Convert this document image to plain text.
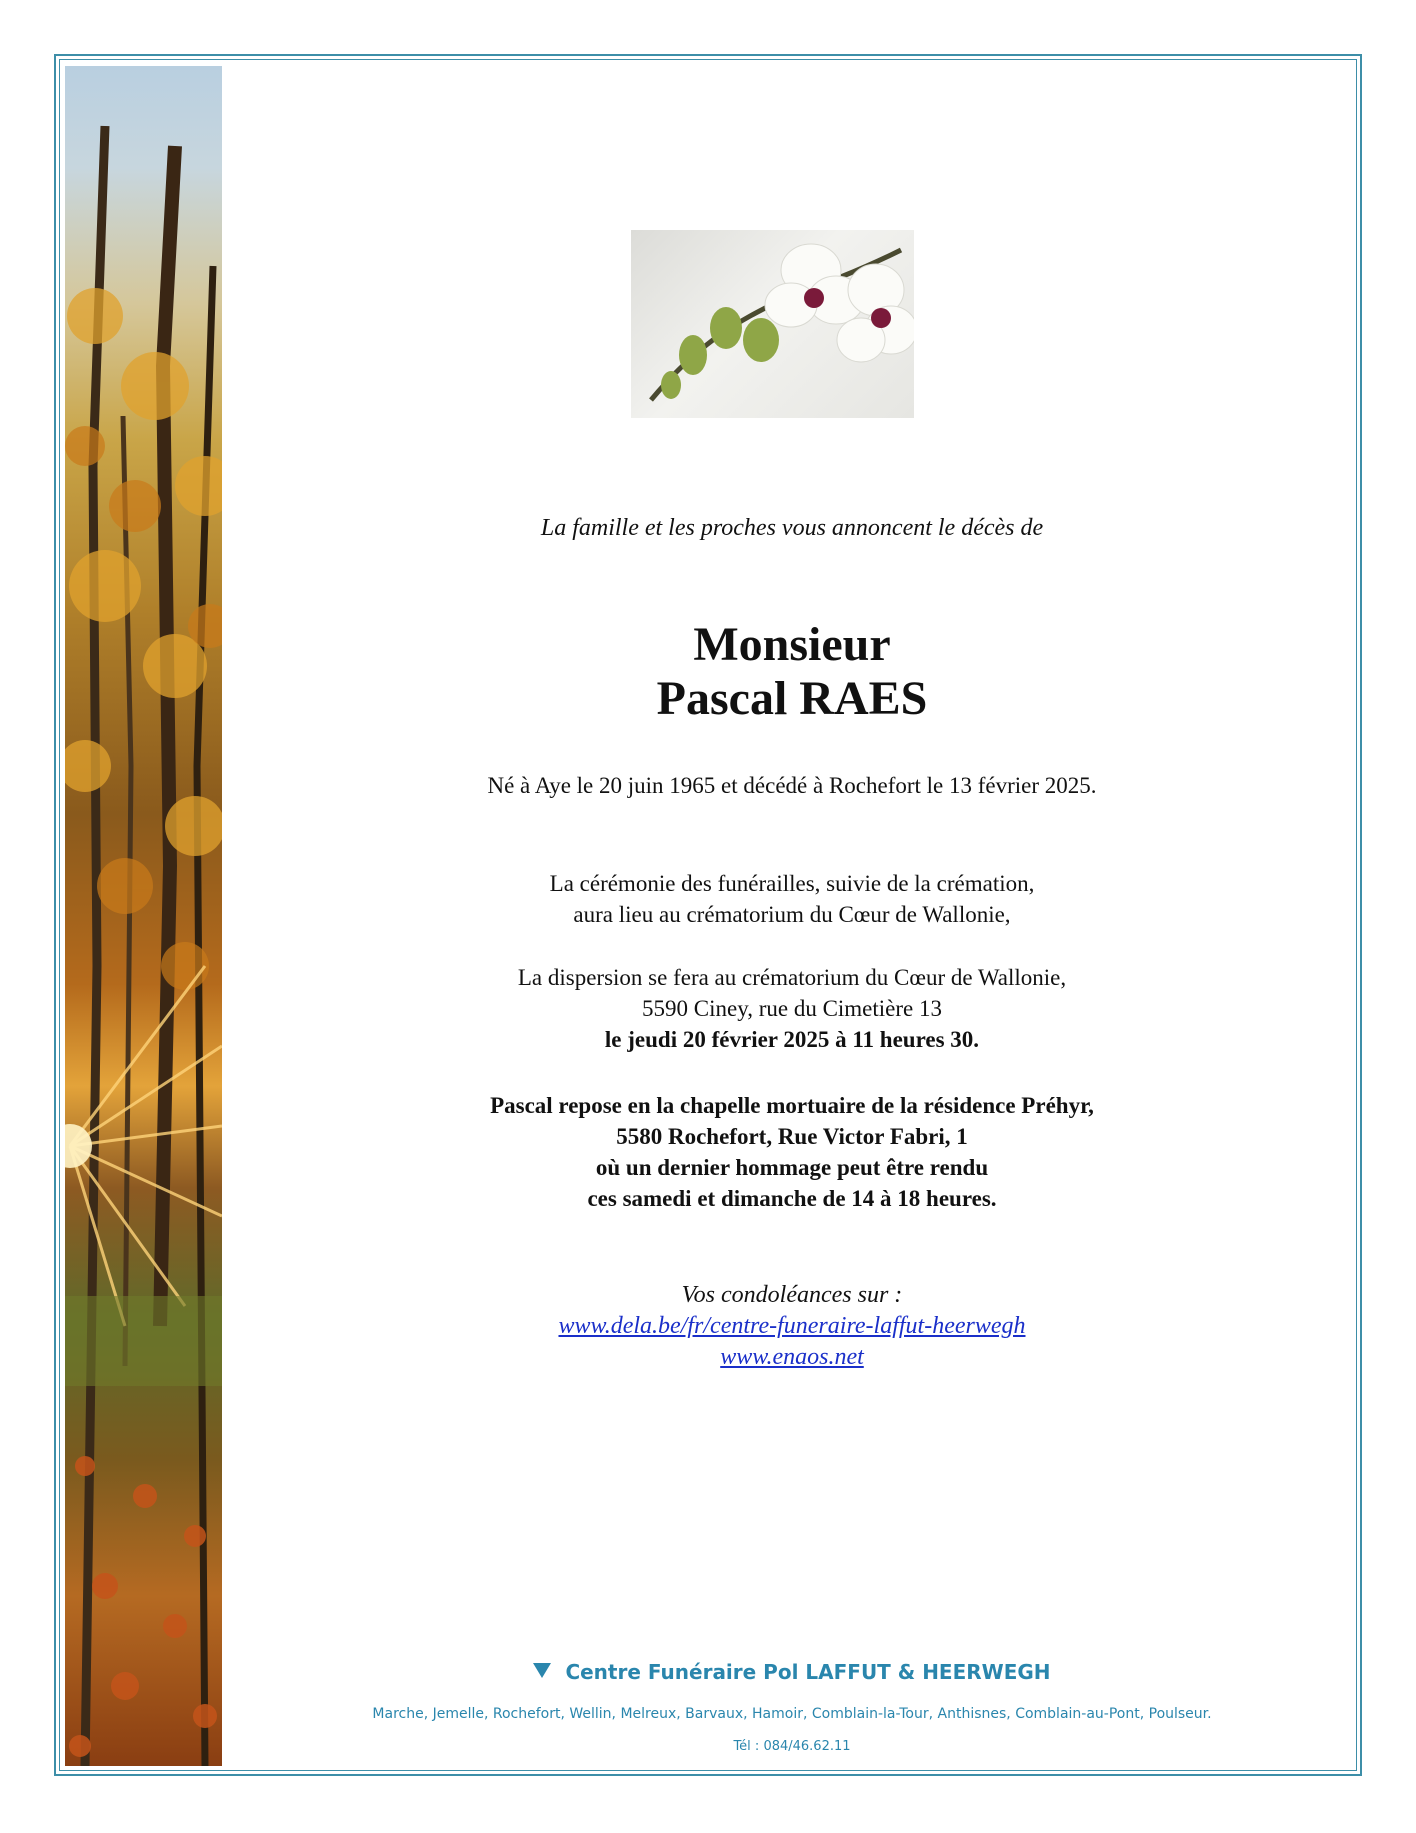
La famille et les proches vous annoncent le décès de
Monsieur
Pascal RAES
Né à Aye le 20 juin 1965 et décédé à Rochefort le 13 février 2025.
La cérémonie des funérailles, suivie de la crémation,
aura lieu au crématorium du Cœur de Wallonie,
La dispersion se fera au crématorium du Cœur de Wallonie,
5590 Ciney, rue du Cimetière 13
le jeudi 20 février 2025 à 11 heures 30.
Pascal repose en la chapelle mortuaire de la résidence Préhyr,
5580 Rochefort, Rue Victor Fabri, 1
où un dernier hommage peut être rendu
ces samedi et dimanche de 14 à 18 heures.
Vos condoléances sur :
www.dela.be/fr/centre-funeraire-laffut-heerwegh
www.enaos.net
Centre Funéraire Pol LAFFUT & HEERWEGH
Marche, Jemelle, Rochefort, Wellin, Melreux, Barvaux, Hamoir, Comblain-la-Tour, Anthisnes, Comblain-au-Pont, Poulseur.
Tél : 084/46.62.11
